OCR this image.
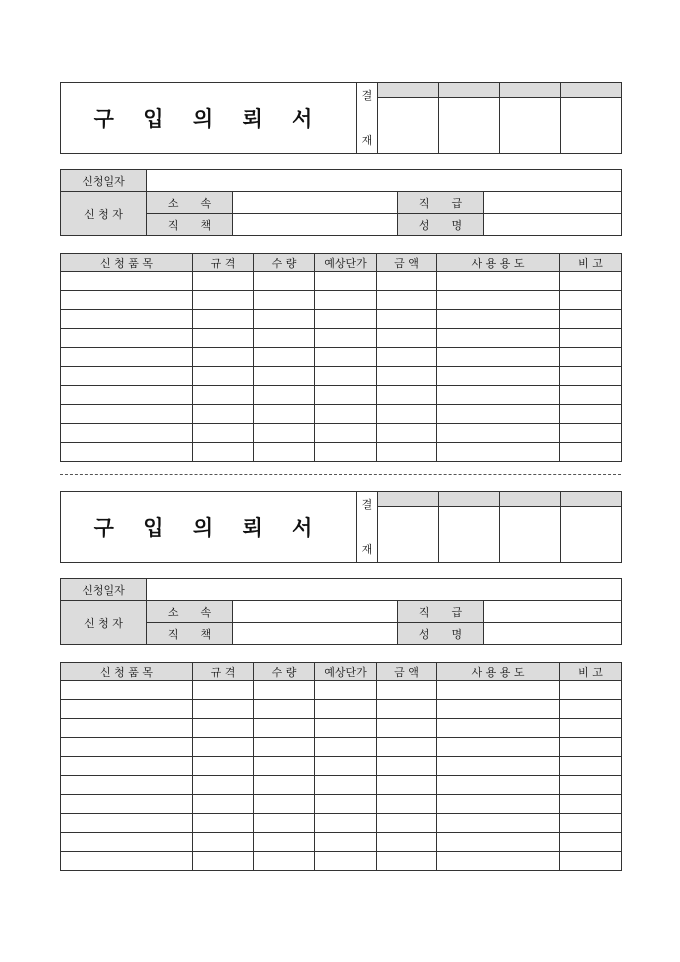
구 입 의 뢰 서	결
재				

신청일자				
신 청 자	소　　속		직　　급	
	직　　책		성　　명	
신 청 품 목	규 격	수 량	예상단가	금 액	사 용 용 도	비 고

구 입 의 뢰 서	결
재				

신청일자				
신 청 자	소　　속		직　　급	
	직　　책		성　　명	
신 청 품 목	규 격	수 량	예상단가	금 액	사 용 용 도	비 고
